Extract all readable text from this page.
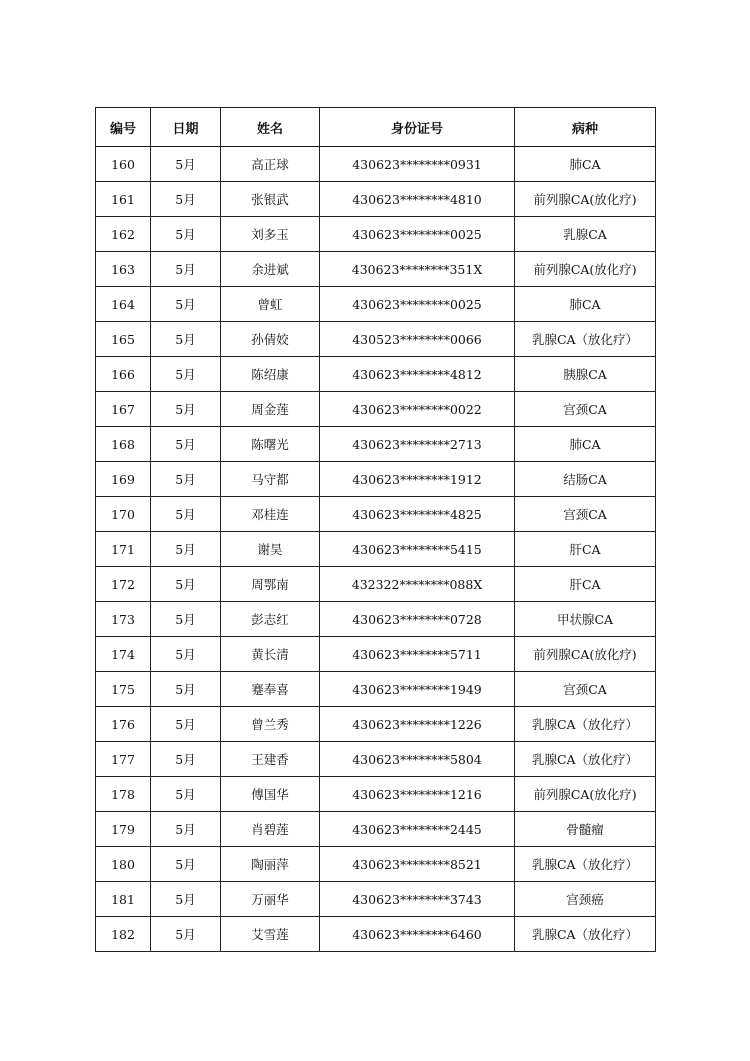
编号	日期	姓名	身份证号	病种
160	5月	高正球	430623********0931	肺CA
161	5月	张银武	430623********4810	前列腺CA(放化疗)
162	5月	刘多玉	430623********0025	乳腺CA
163	5月	余进斌	430623********351X	前列腺CA(放化疗)
164	5月	曾虹	430623********0025	肺CA
165	5月	孙倩姣	430523********0066	乳腺CA（放化疗）
166	5月	陈绍康	430623********4812	胰腺CA
167	5月	周金莲	430623********0022	宫颈CA
168	5月	陈曙光	430623********2713	肺CA
169	5月	马守都	430623********1912	结肠CA
170	5月	邓桂连	430623********4825	宫颈CA
171	5月	谢昊	430623********5415	肝CA
172	5月	周鄂南	432322********088X	肝CA
173	5月	彭志红	430623********0728	甲状腺CA
174	5月	黄长清	430623********5711	前列腺CA(放化疗)
175	5月	蹇奉喜	430623********1949	宫颈CA
176	5月	曾兰秀	430623********1226	乳腺CA（放化疗）
177	5月	王建香	430623********5804	乳腺CA（放化疗）
178	5月	傅国华	430623********1216	前列腺CA(放化疗)
179	5月	肖碧莲	430623********2445	骨髓瘤
180	5月	陶丽萍	430623********8521	乳腺CA（放化疗）
181	5月	万丽华	430623********3743	宫颈癌
182	5月	艾雪莲	430623********6460	乳腺CA（放化疗）
